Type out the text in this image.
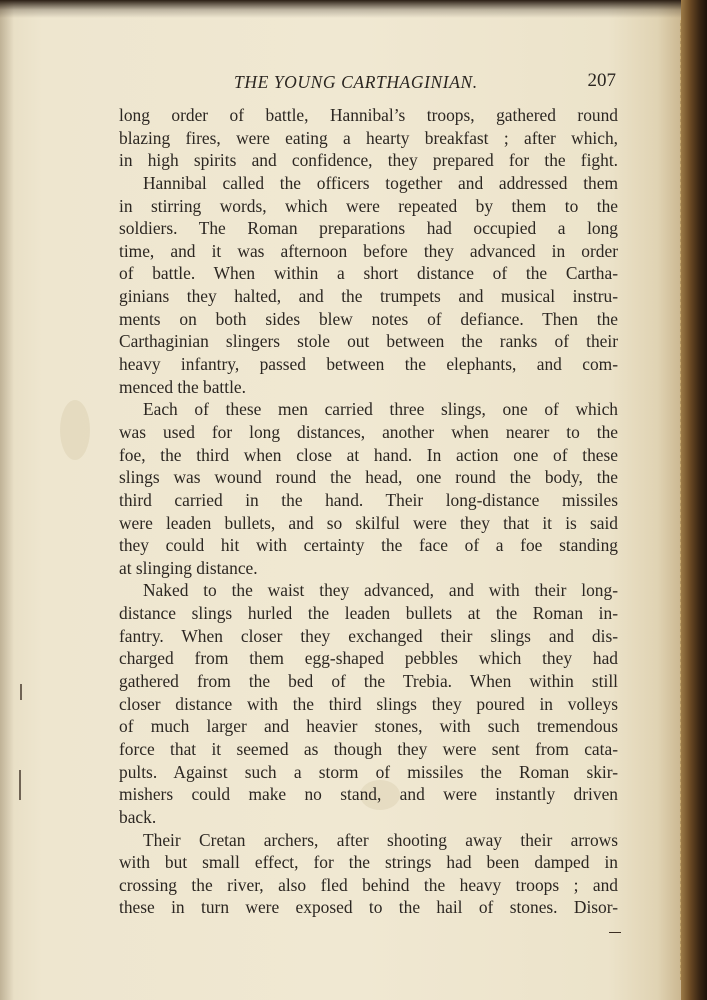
THE YOUNG CARTHAGINIAN.	207
long order of battle, Hannibal’s troops, gathered round
blazing fires, were eating a hearty breakfast ; after which,
in high spirits and confidence, they prepared for the fight.
Hannibal called the officers together and addressed them
in stirring words, which were repeated by them to the
soldiers. The Roman preparations had occupied a long
time, and it was afternoon before they advanced in order
of battle. When within a short distance of the Cartha-
ginians they halted, and the trumpets and musical instru-
ments on both sides blew notes of defiance. Then the
Carthaginian slingers stole out between the ranks of their
heavy infantry, passed between the elephants, and com-
menced the battle.
Each of these men carried three slings, one of which
was used for long distances, another when nearer to the
foe, the third when close at hand. In action one of these
slings was wound round the head, one round the body, the
third carried in the hand. Their long-distance missiles
were leaden bullets, and so skilful were they that it is said
they could hit with certainty the face of a foe standing
at slinging distance.
Naked to the waist they advanced, and with their long-
distance slings hurled the leaden bullets at the Roman in-
fantry. When closer they exchanged their slings and dis-
charged from them egg-shaped pebbles which they had
gathered from the bed of the Trebia. When within still
closer distance with the third slings they poured in volleys
of much larger and heavier stones, with such tremendous
force that it seemed as though they were sent from cata-
pults. Against such a storm of missiles the Roman skir-
mishers could make no stand, and were instantly driven
back.
Their Cretan archers, after shooting away their arrows
with but small effect, for the strings had been damped in
crossing the river, also fled behind the heavy troops ; and
these in turn were exposed to the hail of stones. Disor-
